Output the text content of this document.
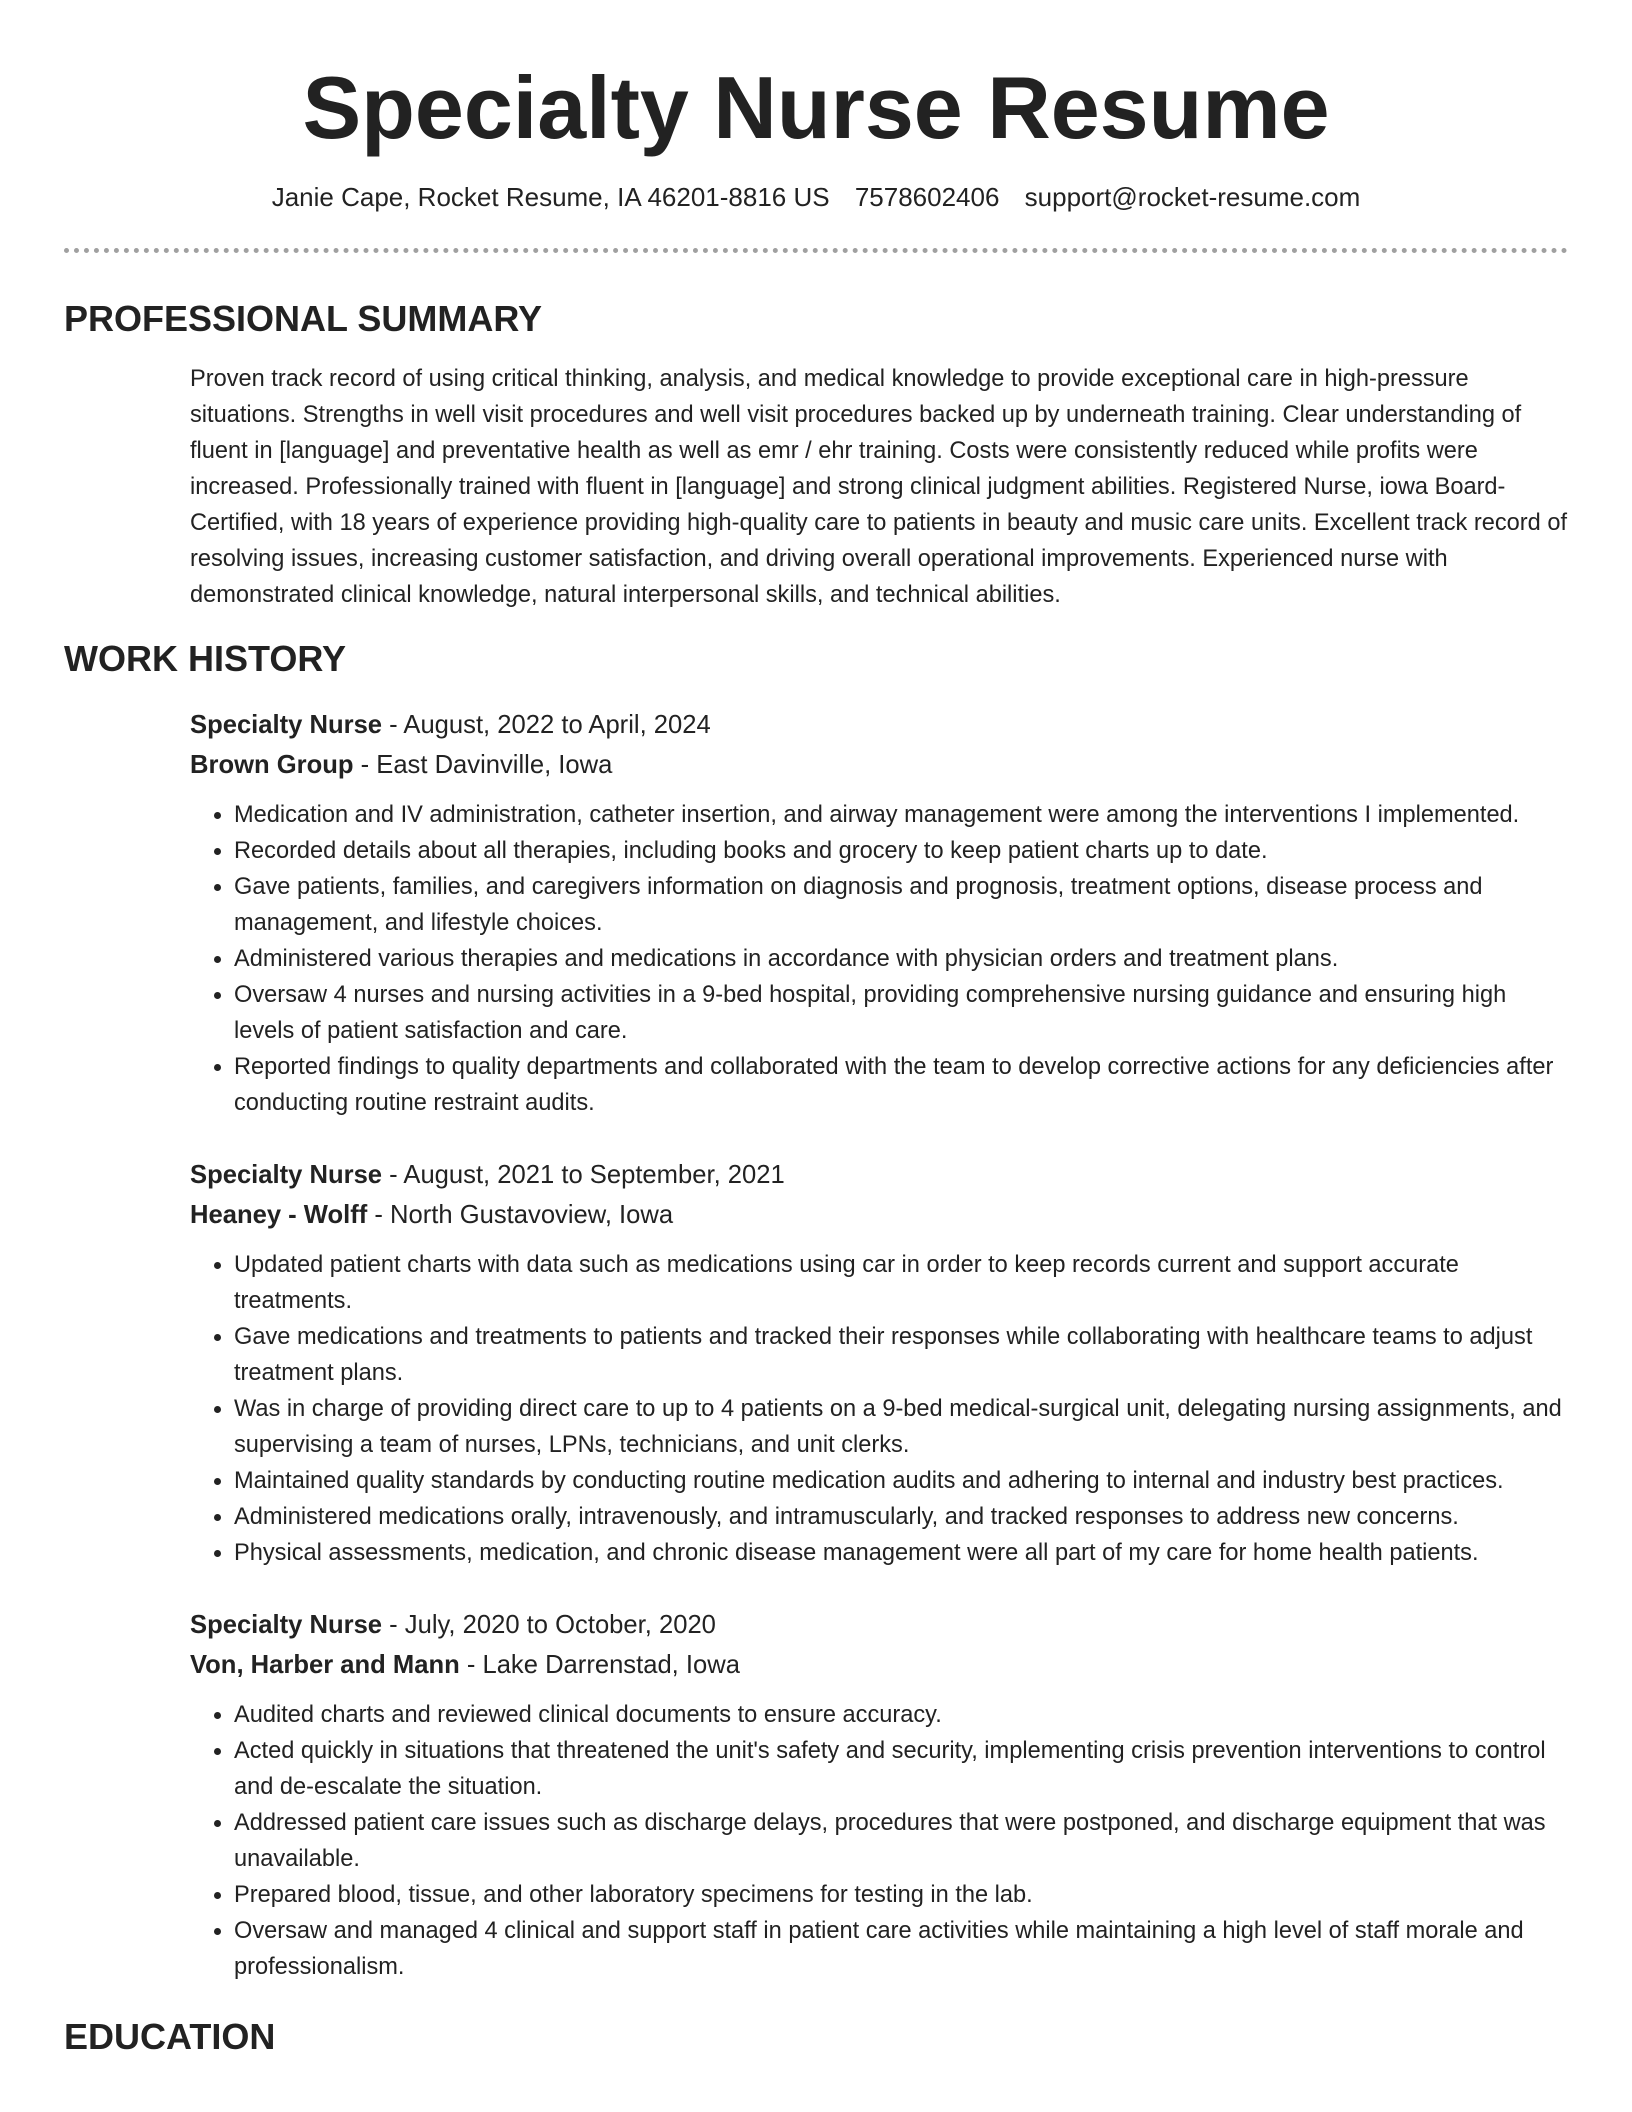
Specialty Nurse Resume
Janie Cape, Rocket Resume, IA 46201-8816 US 7578602406 support@rocket-resume.com
PROFESSIONAL SUMMARY
Proven track record of using critical thinking, analysis, and medical knowledge to provide exceptional care in high-pressure situations. Strengths in well visit procedures and well visit procedures backed up by underneath training. Clear understanding of fluent in [language] and preventative health as well as emr / ehr training. Costs were consistently reduced while profits were increased. Professionally trained with fluent in [language] and strong clinical judgment abilities. Registered Nurse, iowa Board-Certified, with 18 years of experience providing high-quality care to patients in beauty and music care units. Excellent track record of resolving issues, increasing customer satisfaction, and driving overall operational improvements. Experienced nurse with demonstrated clinical knowledge, natural interpersonal skills, and technical abilities.
WORK HISTORY
Specialty Nurse - August, 2022 to April, 2024
Brown Group - East Davinville, Iowa
• Medication and IV administration, catheter insertion, and airway management were among the interventions I implemented.
• Recorded details about all therapies, including books and grocery to keep patient charts up to date.
• Gave patients, families, and caregivers information on diagnosis and prognosis, treatment options, disease process and management, and lifestyle choices.
• Administered various therapies and medications in accordance with physician orders and treatment plans.
• Oversaw 4 nurses and nursing activities in a 9-bed hospital, providing comprehensive nursing guidance and ensuring high levels of patient satisfaction and care.
• Reported findings to quality departments and collaborated with the team to develop corrective actions for any deficiencies after conducting routine restraint audits.
Specialty Nurse - August, 2021 to September, 2021
Heaney - Wolff - North Gustavoview, Iowa
• Updated patient charts with data such as medications using car in order to keep records current and support accurate treatments.
• Gave medications and treatments to patients and tracked their responses while collaborating with healthcare teams to adjust treatment plans.
• Was in charge of providing direct care to up to 4 patients on a 9-bed medical-surgical unit, delegating nursing assignments, and supervising a team of nurses, LPNs, technicians, and unit clerks.
• Maintained quality standards by conducting routine medication audits and adhering to internal and industry best practices.
• Administered medications orally, intravenously, and intramuscularly, and tracked responses to address new concerns.
• Physical assessments, medication, and chronic disease management were all part of my care for home health patients.
Specialty Nurse - July, 2020 to October, 2020
Von, Harber and Mann - Lake Darrenstad, Iowa
• Audited charts and reviewed clinical documents to ensure accuracy.
• Acted quickly in situations that threatened the unit's safety and security, implementing crisis prevention interventions to control and de-escalate the situation.
• Addressed patient care issues such as discharge delays, procedures that were postponed, and discharge equipment that was unavailable.
• Prepared blood, tissue, and other laboratory specimens for testing in the lab.
• Oversaw and managed 4 clinical and support staff in patient care activities while maintaining a high level of staff morale and professionalism.
EDUCATION
